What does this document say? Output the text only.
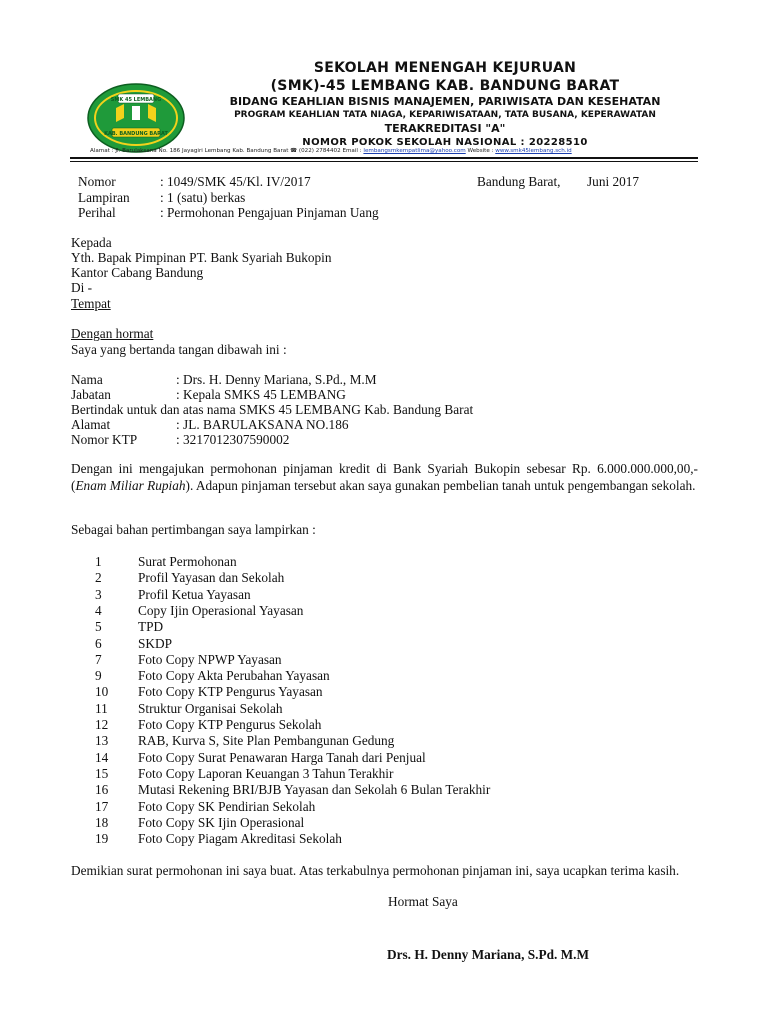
SMK 45 LEMBANG
KAB. BANDUNG BARAT
SEKOLAH MENENGAH KEJURUAN
(SMK)-45 LEMBANG KAB. BANDUNG BARAT
BIDANG KEAHLIAN BISNIS MANAJEMEN, PARIWISATA DAN KESEHATAN
PROGRAM KEAHLIAN TATA NIAGA, KEPARIWISATAAN, TATA BUSANA, KEPERAWATAN
TERAKREDITASI "A"
NOMOR POKOK SEKOLAH NASIONAL : 20228510
Alamat : Jl. Barulaksana No. 186 Jayagiri Lembang Kab. Bandung Barat ☎ (022) 2784402 Email : lembangsmkempatlima@yahoo.com Website : www.smk45lembang.sch.id
Nomor	: 1049/SMK 45/Kl. IV/2017	Bandung Barat, Juni 2017
Lampiran : 1 (satu) berkas
Perihal	: Permohonan Pengajuan Pinjaman Uang
Kepada
Yth. Bapak Pimpinan PT. Bank Syariah Bukopin
Kantor Cabang Bandung
Di -
Tempat
Dengan hormat
Saya yang bertanda tangan dibawah ini :
Nama	: Drs. H. Denny Mariana, S.Pd., M.M
Jabatan	: Kepala SMKS 45 LEMBANG
Bertindak untuk dan atas nama SMKS 45 LEMBANG Kab. Bandung Barat
Alamat	: JL. BARULAKSANA NO.186
Nomor KTP	: 3217012307590002
Dengan ini mengajukan permohonan pinjaman kredit di Bank Syariah Bukopin sebesar Rp. 6.000.000.000,00,- (Enam Miliar Rupiah). Adapun pinjaman tersebut akan saya gunakan pembelian tanah untuk pengembangan sekolah.
Sebagai bahan pertimbangan saya lampirkan :
1	Surat Permohonan
2	Profil Yayasan dan Sekolah
3	Profil Ketua Yayasan
4	Copy Ijin Operasional Yayasan
5	TPD
6	SKDP
7	Foto Copy NPWP Yayasan
9	Foto Copy Akta Perubahan Yayasan
10	Foto Copy KTP Pengurus Yayasan
11	Struktur Organisai Sekolah
12	Foto Copy KTP Pengurus Sekolah
13	RAB, Kurva S, Site Plan Pembangunan Gedung
14	Foto Copy Surat Penawaran Harga Tanah dari Penjual
15	Foto Copy Laporan Keuangan 3 Tahun Terakhir
16	Mutasi Rekening BRI/BJB Yayasan dan Sekolah 6 Bulan Terakhir
17	Foto Copy SK Pendirian Sekolah
18	Foto Copy SK Ijin Operasional
19	Foto Copy Piagam Akreditasi Sekolah
Demikian surat permohonan ini saya buat. Atas terkabulnya permohonan pinjaman ini, saya ucapkan terima kasih.
Hormat Saya
Drs. H. Denny Mariana, S.Pd. M.M
